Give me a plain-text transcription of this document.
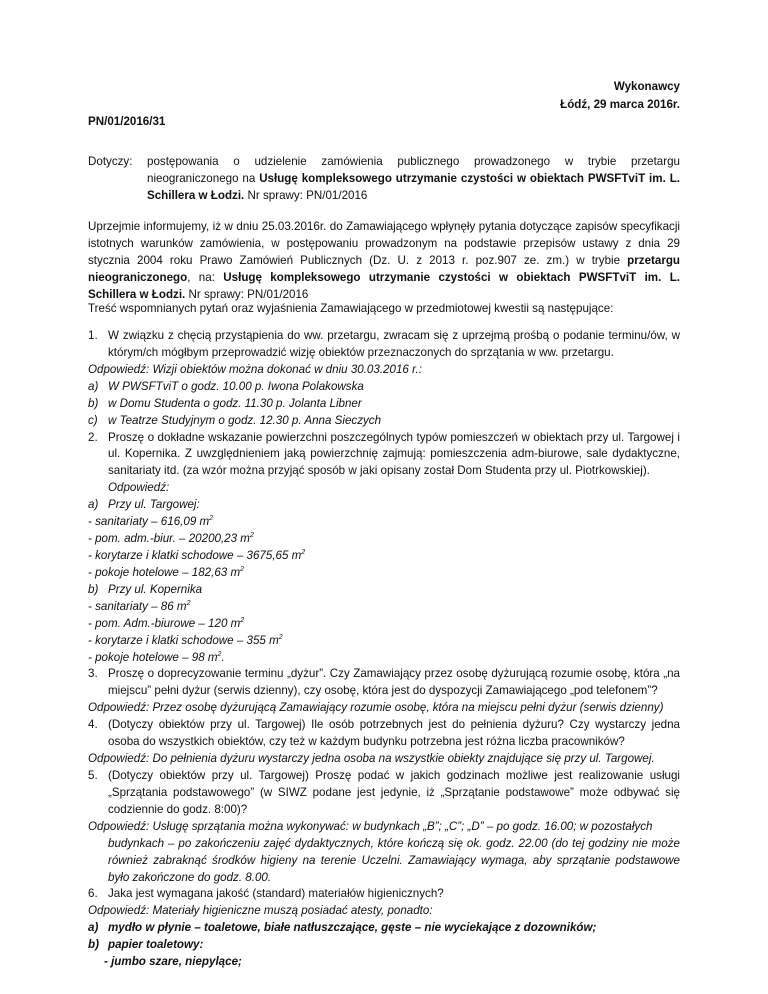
Wykonawcy
Łódź, 29 marca 2016r.
PN/01/2016/31
Dotyczy: postępowania o udzielenie zamówienia publicznego prowadzonego w trybie przetargu nieograniczonego na Usługę kompleksowego utrzymanie czystości w obiektach PWSFTviT im. L. Schillera w Łodzi. Nr sprawy: PN/01/2016
Uprzejmie informujemy, iż w dniu 25.03.2016r. do Zamawiającego wpłynęły pytania dotyczące zapisów specyfikacji istotnych warunków zamówienia, w postępowaniu prowadzonym na podstawie przepisów ustawy z dnia 29 stycznia 2004 roku Prawo Zamówień Publicznych (Dz. U. z 2013 r. poz.907 ze. zm.) w trybie przetargu nieograniczonego, na: Usługę kompleksowego utrzymanie czystości w obiektach PWSFTviT im. L. Schillera w Łodzi. Nr sprawy: PN/01/2016
Treść wspomnianych pytań oraz wyjaśnienia Zamawiającego w przedmiotowej kwestii są następujące:
1. W związku z chęcią przystąpienia do ww. przetargu, zwracam się z uprzejmą prośbą o podanie terminu/ów, w którym/ch mógłbym przeprowadzić wizję obiektów przeznaczonych do sprzątania w ww. przetargu.
Odpowiedź: Wizji obiektów można dokonać w dniu 30.03.2016 r.:
a) W PWSFTviT o godz. 10.00 p. Iwona Polakowska
b) w Domu Studenta o godz. 11.30 p. Jolanta Libner
c) w Teatrze Studyjnym o godz. 12.30 p. Anna Sieczych
2. Proszę o dokładne wskazanie powierzchni poszczególnych typów pomieszczeń w obiektach przy ul. Targowej i ul. Kopernika. Z uwzględnieniem jaką powierzchnię zajmują: pomieszczenia adm-biurowe, sale dydaktyczne, sanitariaty itd. (za wzór można przyjąć sposób w jaki opisany został Dom Studenta przy ul. Piotrkowskiej).
Odpowiedź:
a) Przy ul. Targowej:
- sanitariaty – 616,09 $m^2$
- pom. adm.-biur. – 20200,23 $m^2$
- korytarze i klatki schodowe – 3675,65 $m^2$
- pokoje hotelowe – 182,63 $m^2$
b) Przy ul. Kopernika
- sanitariaty – 86 $m^2$
- pom. Adm.-biurowe – 120 $m^2$
- korytarze i klatki schodowe – 355 $m^2$
- pokoje hotelowe – 98 $m^2$.
3. Proszę o doprecyzowanie terminu „dyżur”. Czy Zamawiający przez osobę dyżurującą rozumie osobę, która „na miejscu” pełni dyżur (serwis dzienny), czy osobę, która jest do dyspozycji Zamawiającego „pod telefonem”?
Odpowiedź: Przez osobę dyżurującą Zamawiający rozumie osobę, która na miejscu pełni dyżur (serwis dzienny)
4. (Dotyczy obiektów przy ul. Targowej) Ile osób potrzebnych jest do pełnienia dyżuru? Czy wystarczy jedna osoba do wszystkich obiektów, czy też w każdym budynku potrzebna jest różna liczba pracowników?
Odpowiedź: Do pełnienia dyżuru wystarczy jedna osoba na wszystkie obiekty znajdujące się przy ul. Targowej.
5. (Dotyczy obiektów przy ul. Targowej) Proszę podać w jakich godzinach możliwe jest realizowanie usługi „Sprzątania podstawowego” (w SIWZ podane jest jedynie, iż „Sprzątanie podstawowe” może odbywać się codziennie do godz. 8:00)?
Odpowiedź: Usługę sprzątania można wykonywać: w budynkach „B”; „C”; „D” – po godz. 16.00; w pozostałych
budynkach – po zakończeniu zajęć dydaktycznych, które kończą się ok. godz. 22.00 (do tej godziny nie może również zabraknąć środków higieny na terenie Uczelni. Zamawiający wymaga, aby sprzątanie podstawowe było zakończone do godz. 8.00.
6. Jaka jest wymagana jakość (standard) materiałów higienicznych?
Odpowiedź: Materiały higieniczne muszą posiadać atesty, ponadto:
a) mydło w płynie – toaletowe, białe natłuszczające, gęste – nie wyciekające z dozowników;
b) papier toaletowy:
- jumbo szare, niepylące;
